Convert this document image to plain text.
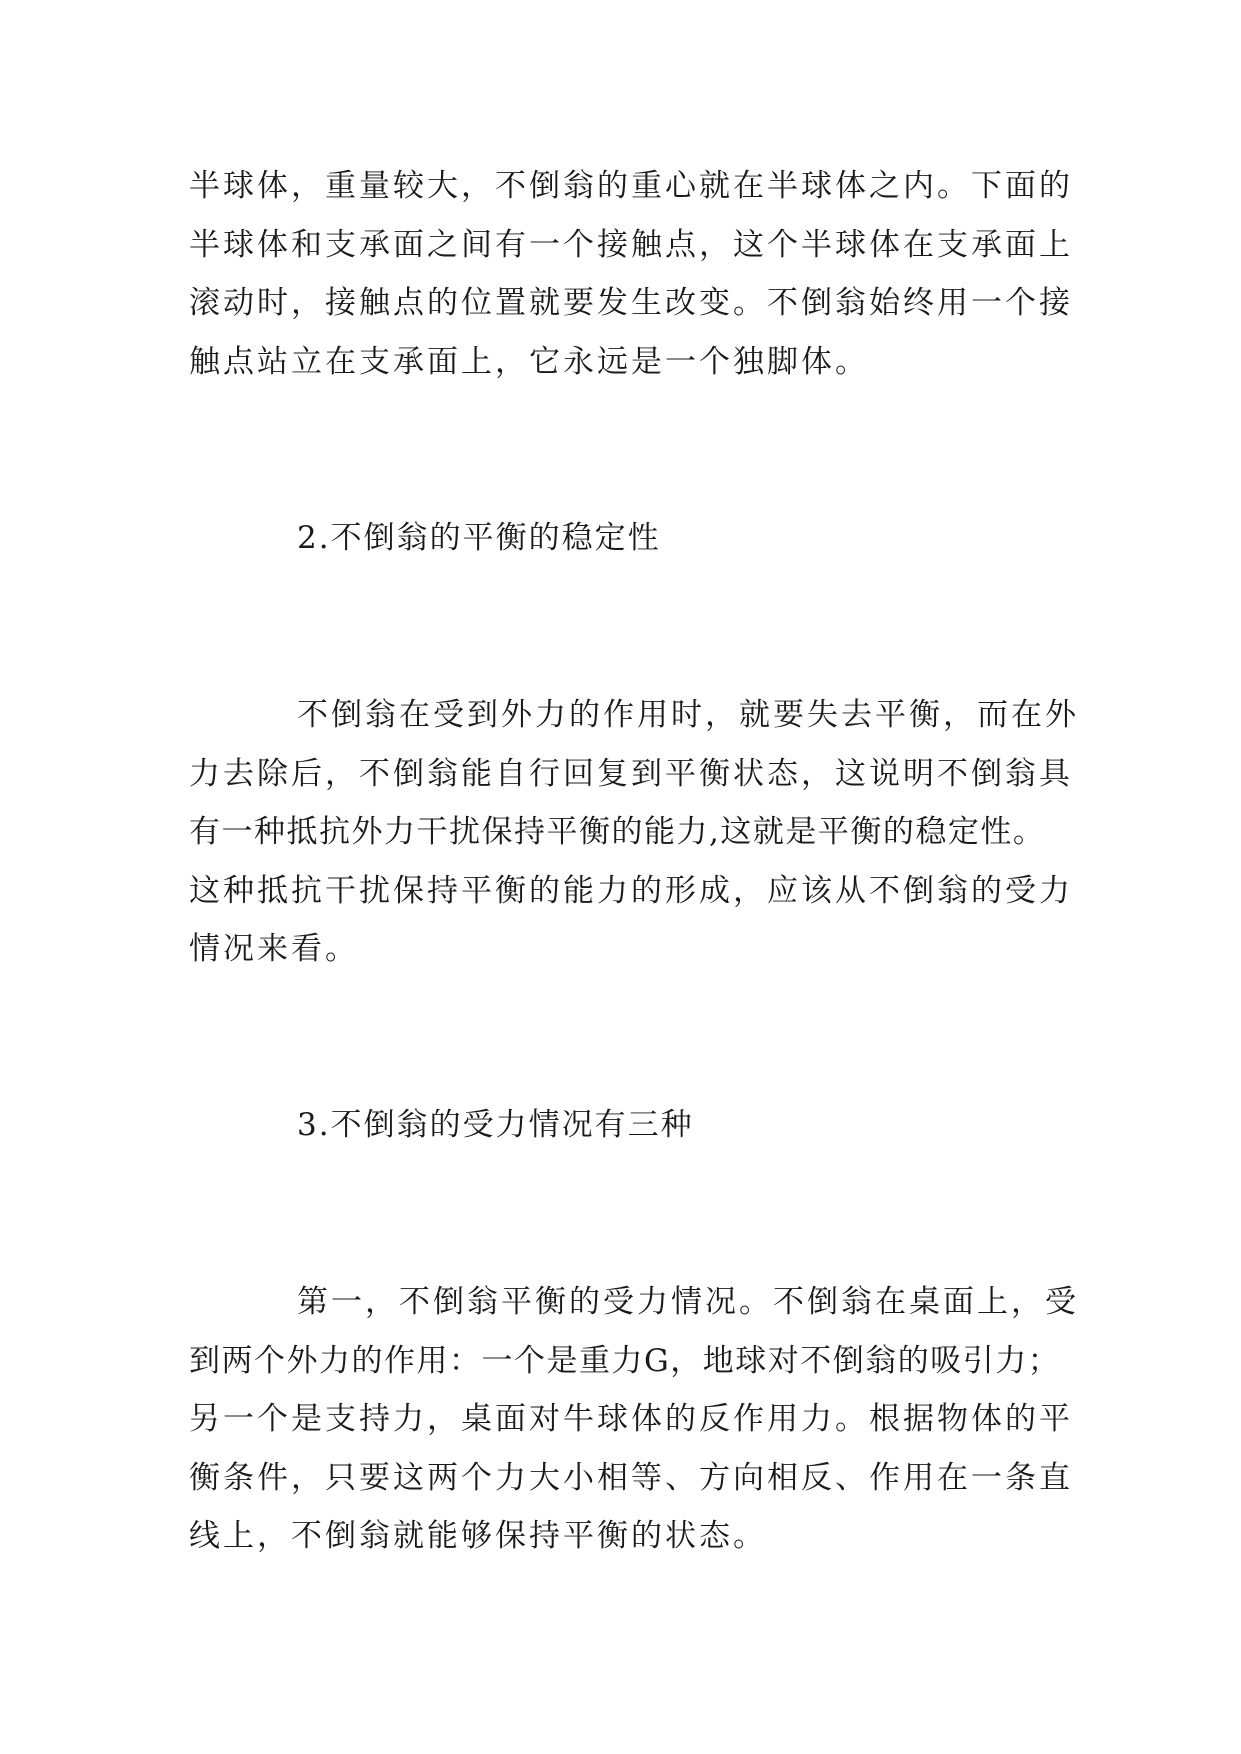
半球体，重量较大，不倒翁的重心就在半球体之内。下面的
半球体和支承面之间有一个接触点，这个半球体在支承面上
滚动时，接触点的位置就要发生改变。不倒翁始终用一个接
触点站立在支承面上，它永远是一个独脚体。
2.不倒翁的平衡的稳定性
不倒翁在受到外力的作用时，就要失去平衡，而在外
力去除后，不倒翁能自行回复到平衡状态，这说明不倒翁具
有一种抵抗外力干扰保持平衡的能力,这就是平衡的稳定性。
这种抵抗干扰保持平衡的能力的形成，应该从不倒翁的受力
情况来看。
3.不倒翁的受力情况有三种
第一，不倒翁平衡的受力情况。不倒翁在桌面上，受
到两个外力的作用：一个是重力G，地球对不倒翁的吸引力；
另一个是支持力，桌面对牛球体的反作用力。根据物体的平
衡条件，只要这两个力大小相等、方向相反、作用在一条直
线上，不倒翁就能够保持平衡的状态。
